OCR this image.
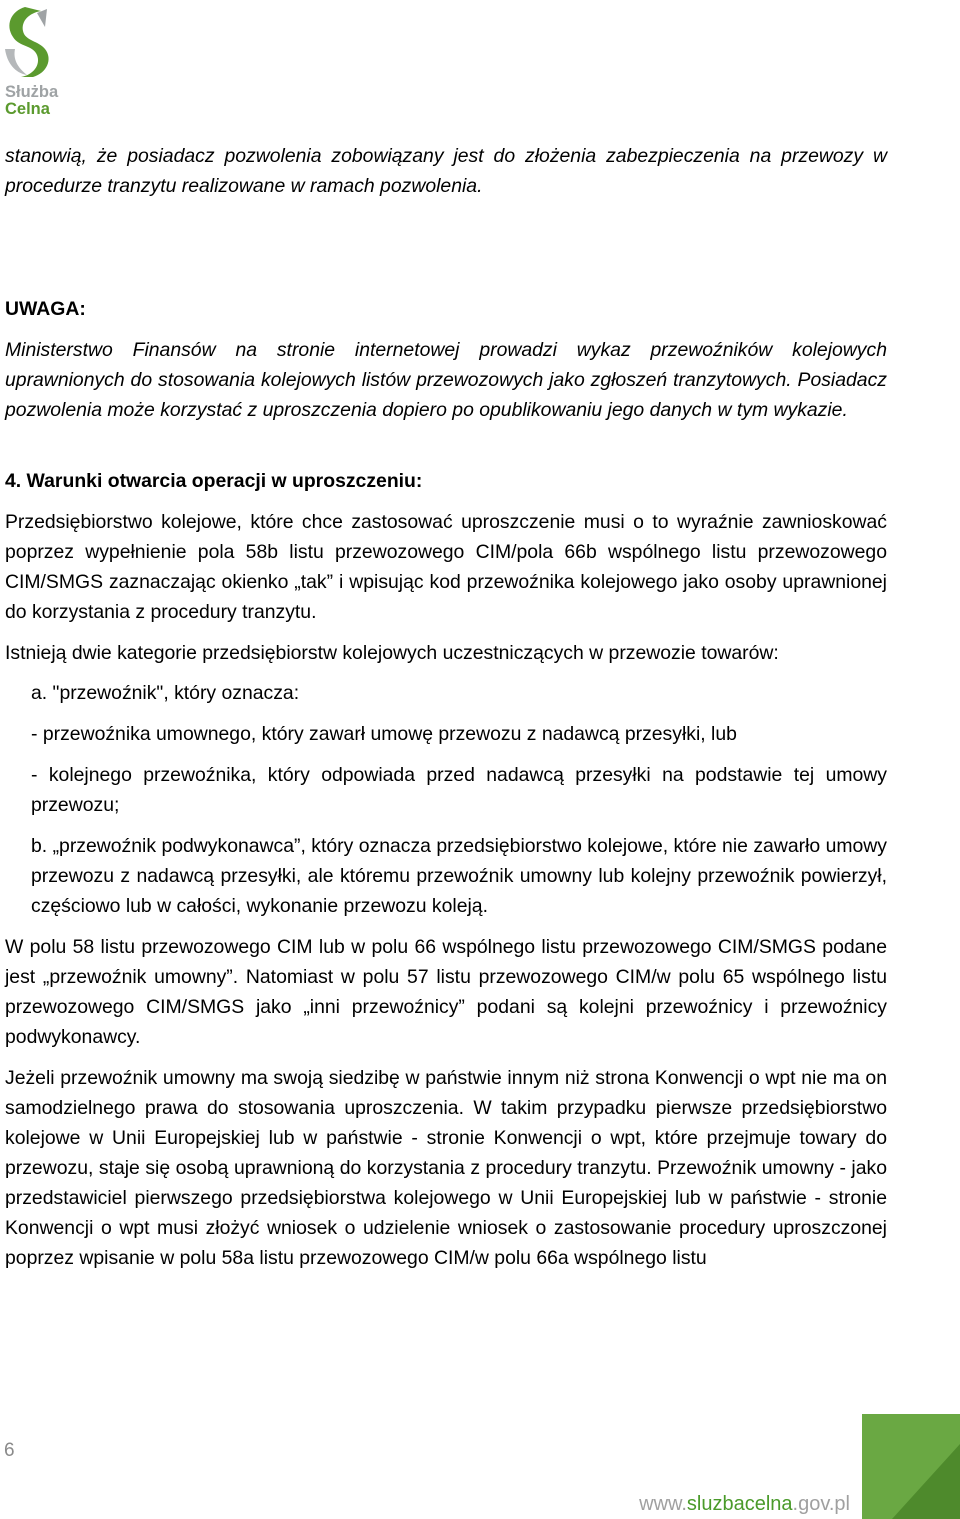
Służba
Celna

stanowią, że posiadacz pozwolenia zobowiązany jest do złożenia zabezpieczenia na przewozy w procedurze tranzytu realizowane w ramach pozwolenia.

UWAGA:

Ministerstwo Finansów na stronie internetowej prowadzi wykaz przewoźników kolejowych uprawnionych do stosowania kolejowych listów przewozowych jako zgłoszeń tranzytowych. Posiadacz pozwolenia może korzystać z uproszczenia dopiero po opublikowaniu jego danych w tym wykazie.

4. Warunki otwarcia operacji w uproszczeniu:

Przedsiębiorstwo kolejowe, które chce zastosować uproszczenie musi o to wyraźnie zawnioskować poprzez wypełnienie pola 58b listu przewozowego CIM/pola 66b wspólnego listu przewozowego CIM/SMGS zaznaczając okienko „tak” i wpisując kod przewoźnika kolejowego jako osoby uprawnionej do korzystania z procedury tranzytu.

Istnieją dwie kategorie przedsiębiorstw kolejowych uczestniczących w przewozie towarów:

a. "przewoźnik", który oznacza:

- przewoźnika umownego, który zawarł umowę przewozu z nadawcą przesyłki, lub

- kolejnego przewoźnika, który odpowiada przed nadawcą przesyłki na podstawie tej umowy przewozu;

b. „przewoźnik podwykonawca”, który oznacza przedsiębiorstwo kolejowe, które nie zawarło umowy przewozu z nadawcą przesyłki, ale któremu przewoźnik umowny lub kolejny przewoźnik powierzył, częściowo lub w całości, wykonanie przewozu koleją.

W polu 58 listu przewozowego CIM lub w polu 66 wspólnego listu przewozowego CIM/SMGS podane jest „przewoźnik umowny”. Natomiast w polu 57 listu przewozowego CIM/w polu 65 wspólnego listu przewozowego CIM/SMGS jako „inni przewoźnicy” podani są kolejni przewoźnicy i przewoźnicy podwykonawcy.

Jeżeli przewoźnik umowny ma swoją siedzibę w państwie innym niż strona Konwencji o wpt nie ma on samodzielnego prawa do stosowania uproszczenia. W takim przypadku pierwsze przedsiębiorstwo kolejowe w Unii Europejskiej lub w państwie - stronie Konwencji o wpt, które przejmuje towary do przewozu, staje się osobą uprawnioną do korzystania z procedury tranzytu. Przewoźnik umowny - jako przedstawiciel pierwszego przedsiębiorstwa kolejowego w Unii Europejskiej lub w państwie - stronie Konwencji o wpt musi złożyć wniosek o udzielenie wniosek o zastosowanie procedury uproszczonej poprzez wpisanie w polu 58a listu przewozowego CIM/w polu 66a wspólnego listu

6
www.sluzbacelna.gov.pl
